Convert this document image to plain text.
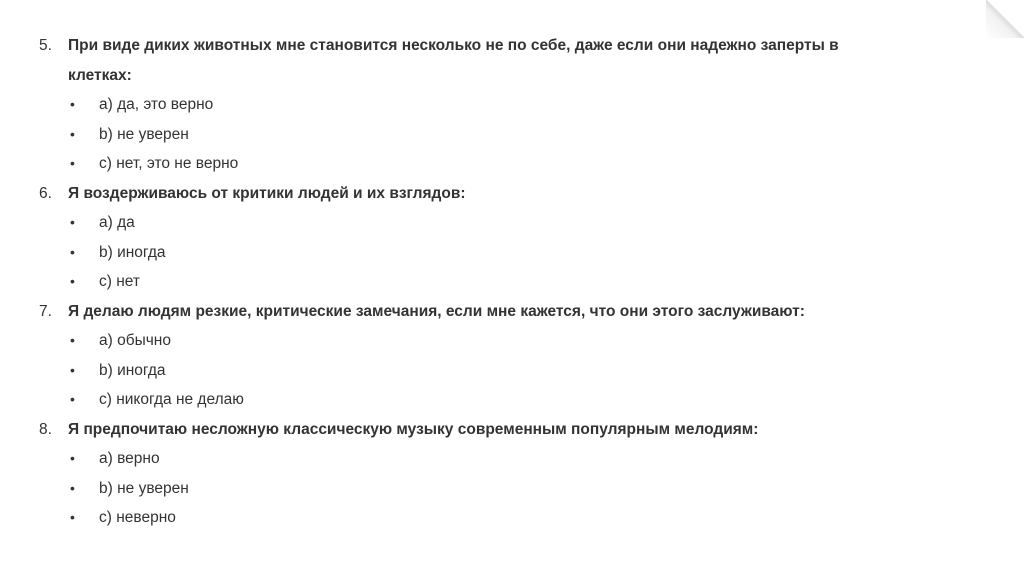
5. При виде диких животных мне становится несколько не по себе, даже если они надежно заперты в клетках:
• а) да, это верно
• b) не уверен
• с) нет, это не верно
6. Я воздерживаюсь от критики людей и их взглядов:
• а) да
• b) иногда
• с) нет
7. Я делаю людям резкие, критические замечания, если мне кажется, что они этого заслуживают:
• а) обычно
• b) иногда
• с) никогда не делаю
8. Я предпочитаю несложную классическую музыку современным популярным мелодиям:
• а) верно
• b) не уверен
• с) неверно
